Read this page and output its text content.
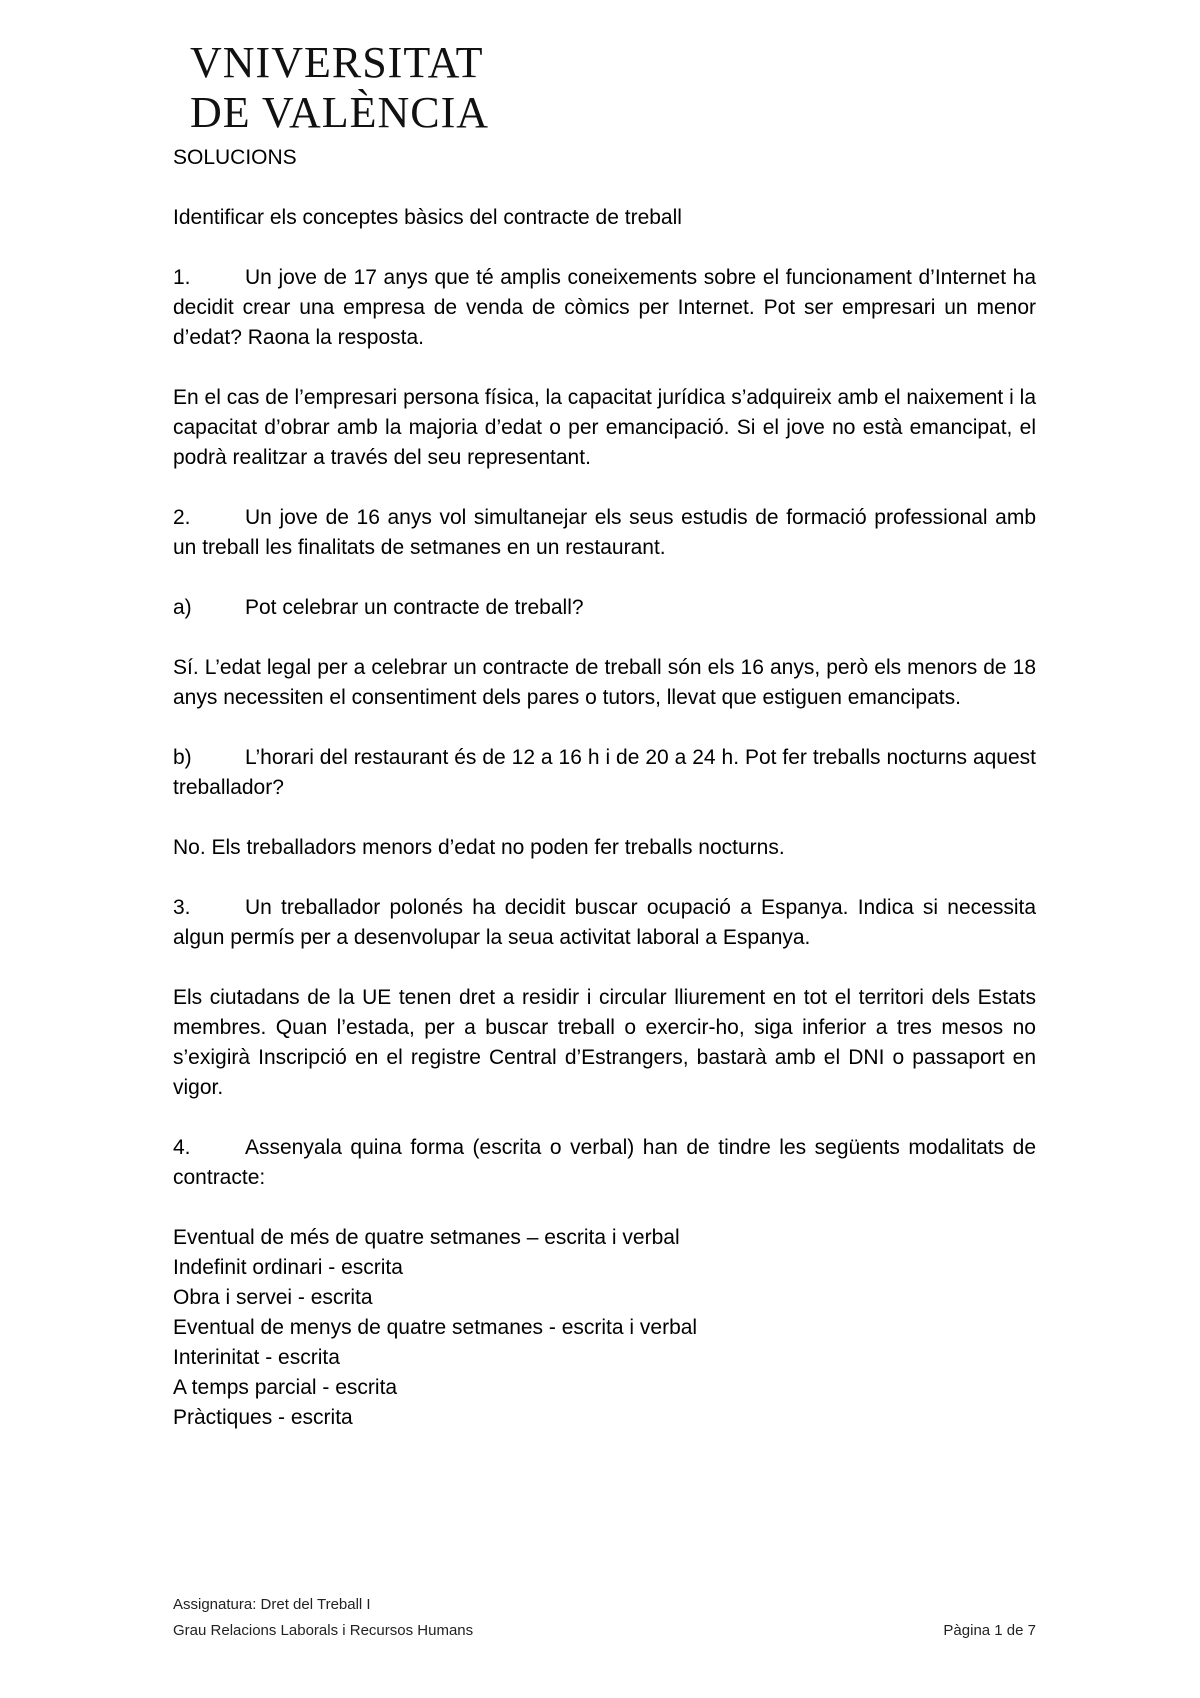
VNIVERSITAT
DE VALÈNCIA

SOLUCIONS

Identificar els conceptes bàsics del contracte de treball

1.	Un jove de 17 anys que té amplis coneixements sobre el funcionament d’Internet ha decidit crear una empresa de venda de còmics per Internet. Pot ser empresari un menor d’edat? Raona la resposta.

En el cas de l’empresari persona física, la capacitat jurídica s’adquireix amb el naixement i la capacitat d’obrar amb la majoria d’edat o per emancipació. Si el jove no està emancipat, el podrà realitzar a través del seu representant.

2.	Un jove de 16 anys vol simultanejar els seus estudis de formació professional amb un treball les finalitats de setmanes en un restaurant.

a)	Pot celebrar un contracte de treball?

Sí. L’edat legal per a celebrar un contracte de treball són els 16 anys, però els menors de 18 anys necessiten el consentiment dels pares o tutors, llevat que estiguen emancipats.

b)	L’horari del restaurant és de 12 a 16 h i de 20 a 24 h. Pot fer treballs nocturns aquest treballador?

No. Els treballadors menors d’edat no poden fer treballs nocturns.

3.	Un treballador polonés ha decidit buscar ocupació a Espanya. Indica si necessita algun permís per a desenvolupar la seua activitat laboral a Espanya.

Els ciutadans de la UE tenen dret a residir i circular lliurement en tot el territori dels Estats membres. Quan l’estada, per a buscar treball o exercir-ho, siga inferior a tres mesos no s’exigirà Inscripció en el registre Central d’Estrangers, bastarà amb el DNI o passaport en vigor.

4.	Assenyala quina forma (escrita o verbal) han de tindre les següents modalitats de contracte:

Eventual de més de quatre setmanes – escrita i verbal

Indefinit ordinari - escrita

Obra i servei - escrita

Eventual de menys de quatre setmanes - escrita i verbal

Interinitat - escrita

A temps parcial - escrita

Pràctiques - escrita

Assignatura: Dret del Treball I
Grau Relacions Laborals i Recursos Humans	Pàgina 1 de 7
